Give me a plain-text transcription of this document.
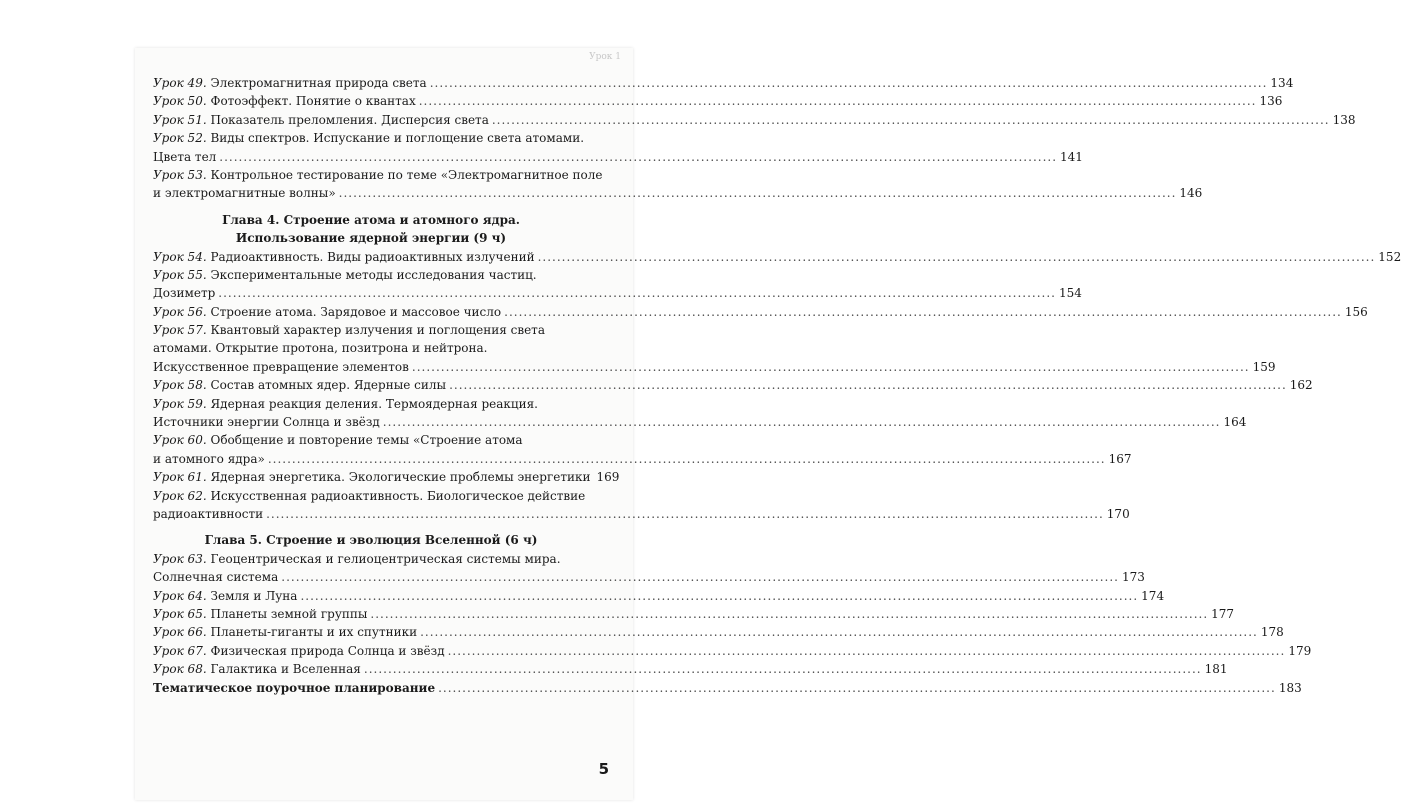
Урок 1
Урок 49. Электромагнитная природа света .....	134
Урок 50. Фотоэффект. Понятие о квантах .....	136
Урок 51. Показатель преломления. Дисперсия света .....	138
Урок 52. Виды спектров. Испускание и поглощение света атомами.
Цвета тел .....	141
Урок 53. Контрольное тестирование по теме «Электромагнитное поле
и электромагнитные волны» .....	146
Глава 4. Строение атома и атомного ядра.
Использование ядерной энергии (9 ч)
Урок 54. Радиоактивность. Виды радиоактивных излучений .....	152
Урок 55. Экспериментальные методы исследования частиц.
Дозиметр .....	154
Урок 56. Строение атома. Зарядовое и массовое число .....	156
Урок 57. Квантовый характер излучения и поглощения света
атомами. Открытие протона, позитрона и нейтрона.
Искусственное превращение элементов .....	159
Урок 58. Состав атомных ядер. Ядерные силы .....	162
Урок 59. Ядерная реакция деления. Термоядерная реакция.
Источники энергии Солнца и звёзд .....	164
Урок 60. Обобщение и повторение темы «Строение атома
и атомного ядра» .....	167
Урок 61. Ядерная энергетика. Экологические проблемы энергетики 169
Урок 62. Искусственная радиоактивность. Биологическое действие
радиоактивности .....	170
Глава 5. Строение и эволюция Вселенной (6 ч)
Урок 63. Геоцентрическая и гелиоцентрическая системы мира.
Солнечная система .....	173
Урок 64. Земля и Луна .....	174
Урок 65. Планеты земной группы .....	177
Урок 66. Планеты-гиганты и их спутники .....	178
Урок 67. Физическая природа Солнца и звёзд .....	179
Урок 68. Галактика и Вселенная .....	181
Тематическое поурочное планирование .....	183
5
